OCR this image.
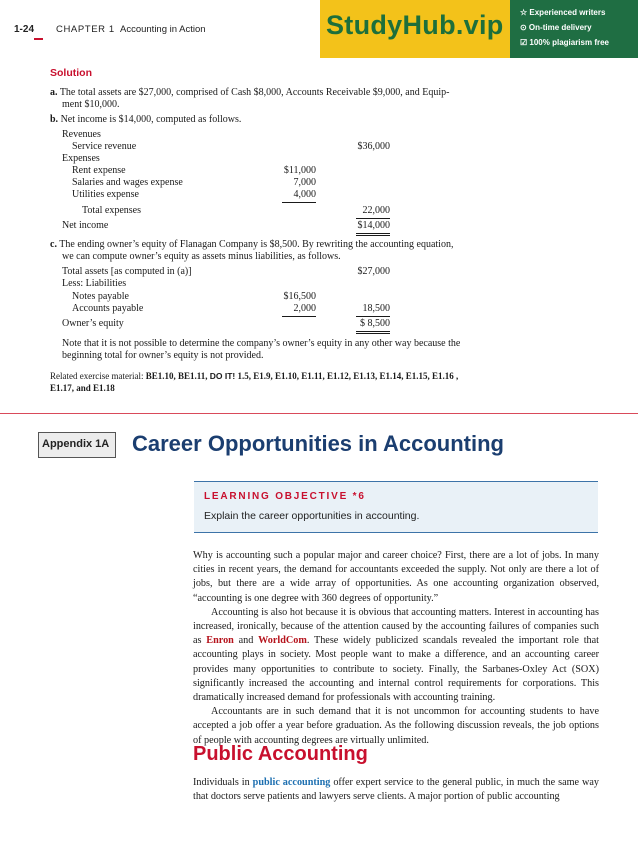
1-24 CHAPTER 1 Accounting in Action	StudyHub.vip ☆ Experienced writers
⊙ On-time delivery
☑ 100% plagiarism free
Solution
a. The total assets are $27,000, comprised of Cash $8,000, Accounts Receivable $9,000, and Equip-
ment $10,000.
b. Net income is $14,000, computed as follows.
Revenues
Service revenue	$36,000
Expenses
Rent expense	$11,000
Salaries and wages expense	7,000
Utilities expense	4,000
Total expenses	22,000
Net income	$14,000
c. The ending owner’s equity of Flanagan Company is $8,500. By rewriting the accounting equation,
we can compute owner’s equity as assets minus liabilities, as follows.
Total assets [as computed in (a)]	$27,000
Less: Liabilities
Notes payable	$16,500
Accounts payable	2,000	18,500
Owner’s equity	$ 8,500
Note that it is not possible to determine the company’s owner’s equity in any other way because the
beginning total for owner’s equity is not provided.
Related exercise material: BE1.10, BE1.11, DO IT! 1.5, E1.9, E1.10, E1.11, E1.12, E1.13, E1.14, E1.15, E1.16 ,
E1.17, and E1.18
Appendix 1A Career Opportunities in Accounting
LEARNING OBJECTIVE *6
Explain the career opportunities in accounting.

Why is accounting such a popular major and career choice? First, there are a lot of jobs. In many cities in recent years, the demand for accountants exceeded the supply. Not only are there a lot of jobs, but there are a wide array of opportunities. As one accounting organization observed, “accounting is one degree with 360 degrees of opportunity.”

Accounting is also hot because it is obvious that accounting matters. Interest in accounting has increased, ironically, because of the attention caused by the accounting failures of companies such as Enron and WorldCom. These widely publicized scandals revealed the important role that accounting plays in society. Most people want to make a difference, and an accounting career provides many opportunities to contribute to society. Finally, the Sarbanes-Oxley Act (SOX) significantly increased the accounting and internal control requirements for corporations. This dramatically increased demand for professionals with accounting training.

Accountants are in such demand that it is not uncommon for accounting students to have accepted a job offer a year before graduation. As the following discussion reveals, the job options of people with accounting degrees are virtually unlimited.

Public Accounting

Individuals in public accounting offer expert service to the general public, in much the same way that doctors serve patients and lawyers serve clients. A major portion of public accounting
